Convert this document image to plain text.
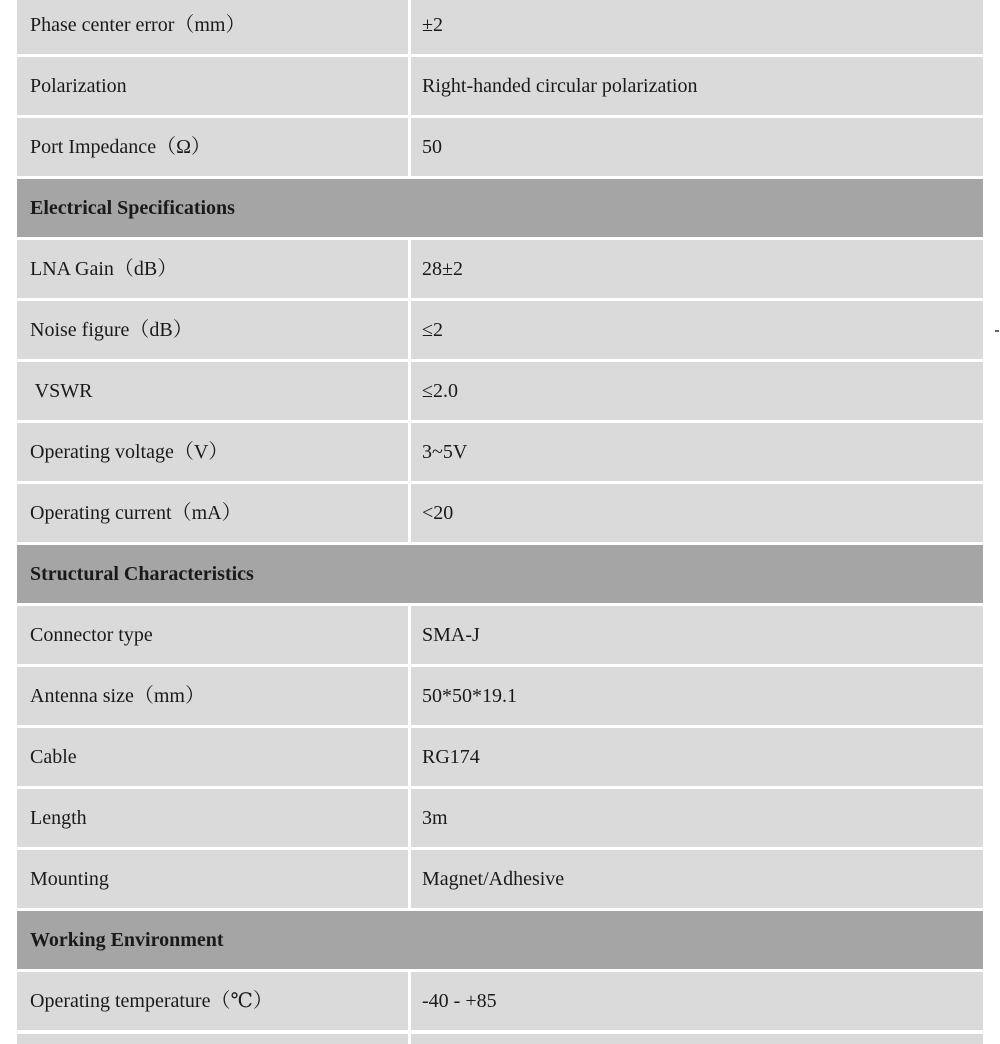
Phase center error（mm）	±2
Polarization	Right-handed circular polarization
Port Impedance（Ω）	50
Electrical Specifications
LNA Gain（dB）	28±2
Noise figure（dB）	≤2
VSWR	≤2.0
Operating voltage（V）	3~5V
Operating current（mA）	<20
Structural Characteristics
Connector type	SMA-J
Antenna size（mm）	50*50*19.1
Cable	RG174
Length	3m
Mounting	Magnet/Adhesive
Working Environment
Operating temperature（℃）	-40 - +85
